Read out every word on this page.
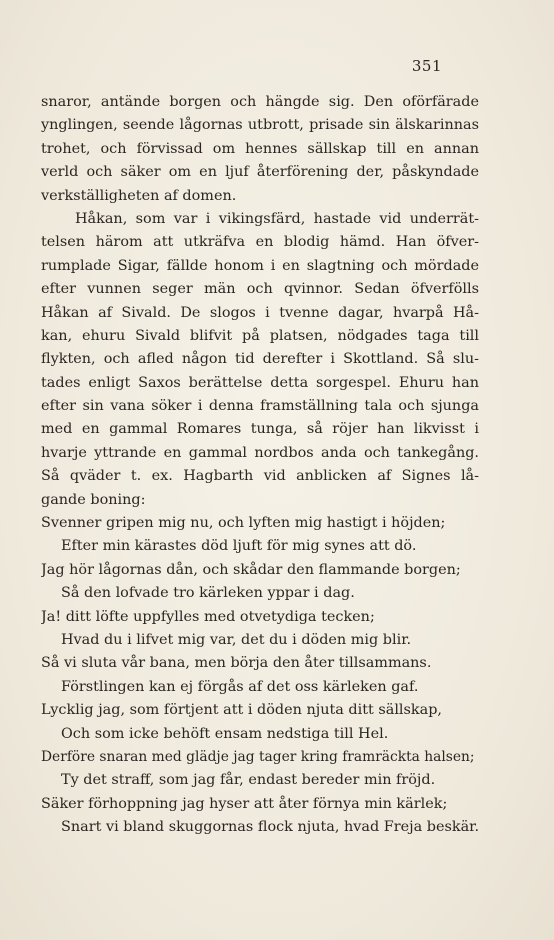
351
snaror, antände borgen och hängde sig. Den oförfärade
ynglingen, seende lågornas utbrott, prisade sin älskarinnas
trohet, och förvissad om hennes sällskap till en annan
verld och säker om en ljuf återförening der, påskyndade
verkställigheten af domen.
Håkan, som var i vikingsfärd, hastade vid underrät-
telsen härom att utkräfva en blodig hämd. Han öfver-
rumplade Sigar, fällde honom i en slagtning och mördade
efter vunnen seger män och qvinnor. Sedan öfverfölls
Håkan af Sivald. De slogos i tvenne dagar, hvarpå Hå-
kan, ehuru Sivald blifvit på platsen, nödgades taga till
flykten, och afled någon tid derefter i Skottland. Så slu-
tades enligt Saxos berättelse detta sorgespel. Ehuru han
efter sin vana söker i denna framställning tala och sjunga
med en gammal Romares tunga, så röjer han likvisst i
hvarje yttrande en gammal nordbos anda och tankegång.
Så qväder t. ex. Hagbarth vid anblicken af Signes lå-
gande boning:
Svenner gripen mig nu, och lyften mig hastigt i höjden;
Efter min kärastes död ljuft för mig synes att dö.
Jag hör lågornas dån, och skådar den flammande borgen;
Så den lofvade tro kärleken yppar i dag.
Ja! ditt löfte uppfylles med otvetydiga tecken;
Hvad du i lifvet mig var, det du i döden mig blir.
Så vi sluta vår bana, men börja den åter tillsammans.
Förstlingen kan ej förgås af det oss kärleken gaf.
Lycklig jag, som förtjent att i döden njuta ditt sällskap,
Och som icke behöft ensam nedstiga till Hel.
Derföre snaran med glädje jag tager kring framräckta halsen;
Ty det straff, som jag får, endast bereder min fröjd.
Säker förhoppning jag hyser att åter förnya min kärlek;
Snart vi bland skuggornas flock njuta, hvad Freja beskär.
